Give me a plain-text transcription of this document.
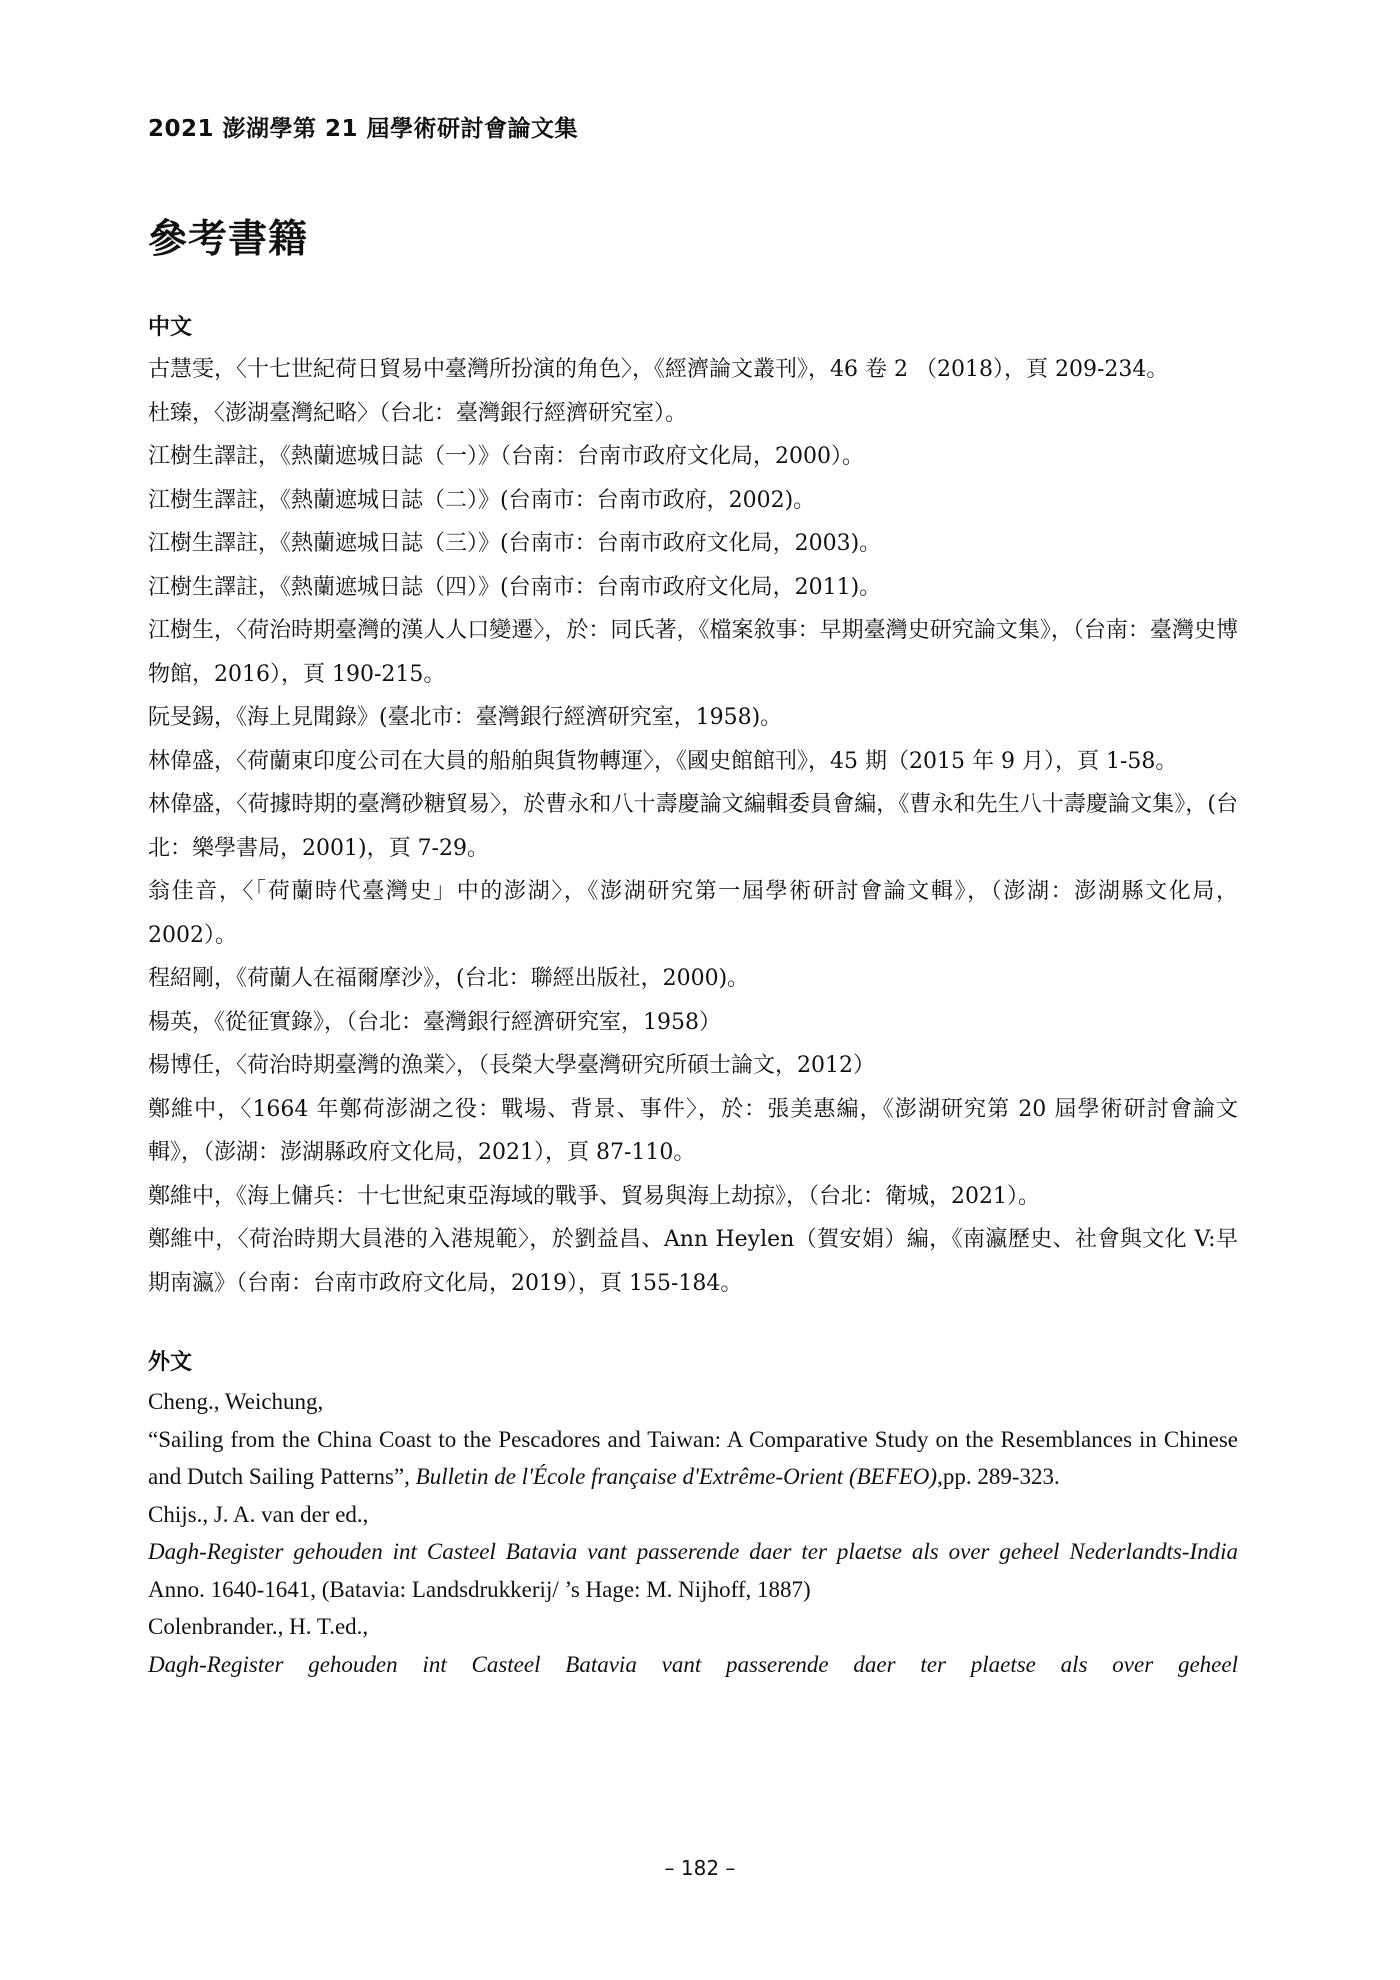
2021 澎湖學第 21 屆學術研討會論文集
參考書籍
中文
古慧雯，〈十七世紀荷日貿易中臺灣所扮演的角色〉，《經濟論文叢刊》，46 卷 2 （2018），頁 209-234。
杜臻，〈澎湖臺灣紀略〉（台北：臺灣銀行經濟研究室）。
江樹生譯註，《熱蘭遮城日誌（一）》（台南：台南市政府文化局，2000）。
江樹生譯註，《熱蘭遮城日誌（二）》(台南市：台南市政府，2002)。
江樹生譯註，《熱蘭遮城日誌（三）》(台南市：台南市政府文化局，2003)。
江樹生譯註，《熱蘭遮城日誌（四）》(台南市：台南市政府文化局，2011)。
江樹生，〈荷治時期臺灣的漢人人口變遷〉，於：同氏著，《檔案敘事：早期臺灣史研究論文集》，（台南：臺灣史博物館，2016），頁 190-215。
阮旻錫，《海上見聞錄》(臺北市：臺灣銀行經濟研究室，1958)。
林偉盛，〈荷蘭東印度公司在大員的船舶與貨物轉運〉，《國史館館刊》，45 期（2015 年 9 月），頁 1-58。
林偉盛，〈荷據時期的臺灣砂糖貿易〉，於曹永和八十壽慶論文編輯委員會編，《曹永和先生八十壽慶論文集》，(台北：樂學書局，2001)，頁 7-29。
翁佳音，〈「荷蘭時代臺灣史」中的澎湖〉，《澎湖研究第一屆學術研討會論文輯》，（澎湖：澎湖縣文化局，2002）。
程紹剛，《荷蘭人在福爾摩沙》，(台北：聯經出版社，2000)。
楊英，《從征實錄》，（台北：臺灣銀行經濟研究室，1958）
楊博任，〈荷治時期臺灣的漁業〉，（長榮大學臺灣研究所碩士論文，2012）
鄭維中，〈1664 年鄭荷澎湖之役：戰場、背景、事件〉，於：張美惠編，《澎湖研究第 20 屆學術研討會論文輯》，（澎湖：澎湖縣政府文化局，2021），頁 87-110。
鄭維中，《海上傭兵：十七世紀東亞海域的戰爭、貿易與海上劫掠》，（台北：衛城，2021）。
鄭維中，〈荷治時期大員港的入港規範〉，於劉益昌、Ann Heylen（賀安娟）編，《南瀛歷史、社會與文化 V:早期南瀛》（台南：台南市政府文化局，2019），頁 155-184。
外文
Cheng., Weichung,
“Sailing from the China Coast to the Pescadores and Taiwan: A Comparative Study on the Resemblances in Chinese and Dutch Sailing Patterns”, Bulletin de l'École française d'Extrême-Orient (BEFEO),pp. 289-323.
Chijs., J. A. van der ed.,
Dagh-Register gehouden int Casteel Batavia vant passerende daer ter plaetse als over geheel Nederlandts-India Anno. 1640-1641, (Batavia: Landsdrukkerij/ ’s Hage: M. Nijhoff, 1887)
Colenbrander., H. T.ed.,
Dagh-Register gehouden int Casteel Batavia vant passerende daer ter plaetse als over geheel
– 182 –
